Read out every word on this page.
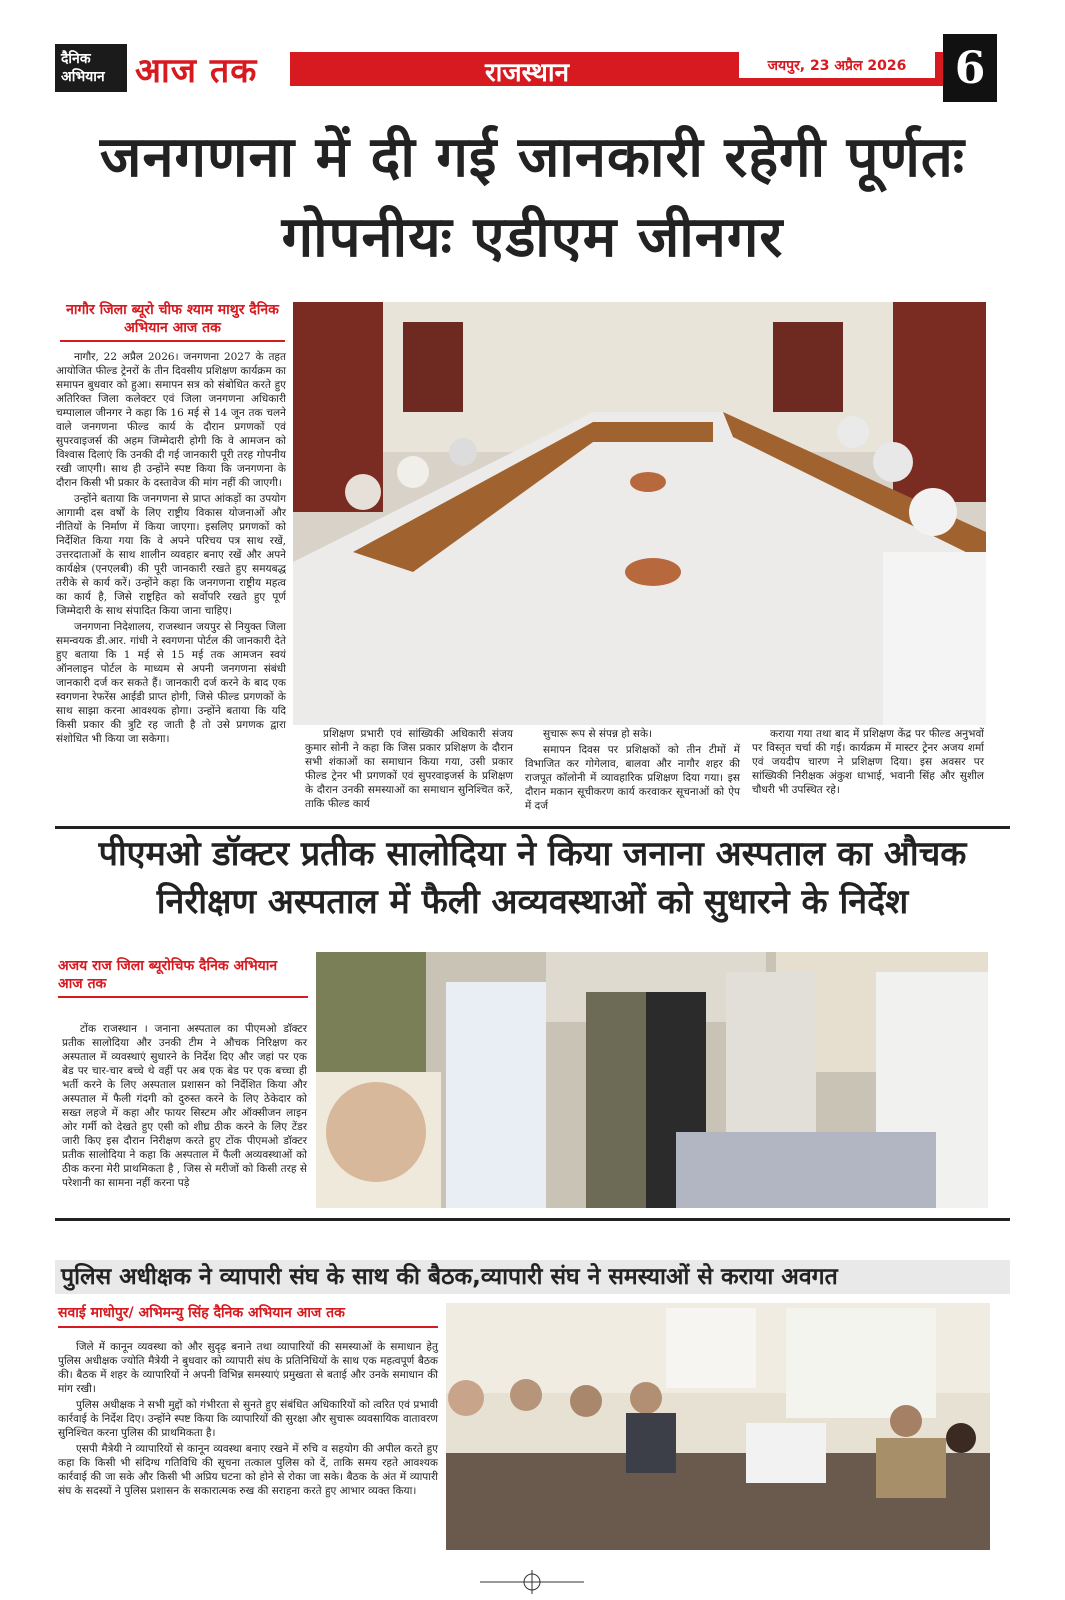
दैनिक
अभियान आज तक	राजस्थान	जयपुर, 23 अप्रैल 2026	6
जनगणना में दी गई जानकारी रहेगी पूर्णतः गोपनीयः एडीएम जीनगर
नागौर जिला ब्यूरो चीफ श्याम माथुर दैनिक अभियान आज तक

नागौर, 22 अप्रैल 2026। जनगणना 2027 के तहत आयोजित फील्ड ट्रेनरों के तीन दिवसीय प्रशिक्षण कार्यक्रम का समापन बुधवार को हुआ। समापन सत्र को संबोधित करते हुए अतिरिक्त जिला कलेक्टर एवं जिला जनगणना अधिकारी चम्पालाल जीनगर ने कहा कि 16 मई से 14 जून तक चलने वाले जनगणना फील्ड कार्य के दौरान प्रगणकों एवं सुपरवाइजर्स की अहम जिम्मेदारी होगी कि वे आमजन को विश्वास दिलाएं कि उनकी दी गई जानकारी पूरी तरह गोपनीय रखी जाएगी। साथ ही उन्होंने स्पष्ट किया कि जनगणना के दौरान किसी भी प्रकार के दस्तावेज की मांग नहीं की जाएगी।

उन्होंने बताया कि जनगणना से प्राप्त आंकड़ों का उपयोग आगामी दस वर्षों के लिए राष्ट्रीय विकास योजनाओं और नीतियों के निर्माण में किया जाएगा। इसलिए प्रगणकों को निर्देशित किया गया कि वे अपने परिचय पत्र साथ रखें, उत्तरदाताओं के साथ शालीन व्यवहार बनाए रखें और अपने कार्यक्षेत्र (एनएलबी) की पूरी जानकारी रखते हुए समयबद्ध तरीके से कार्य करें। उन्होंने कहा कि जनगणना राष्ट्रीय महत्व का कार्य है, जिसे राष्ट्रहित को सर्वोपरि रखते हुए पूर्ण जिम्मेदारी के साथ संपादित किया जाना चाहिए।

जनगणना निदेशालय, राजस्थान जयपुर से नियुक्त जिला समन्वयक डी.आर. गांधी ने स्वगणना पोर्टल की जानकारी देते हुए बताया कि 1 मई से 15 मई तक आमजन स्वयं ऑनलाइन पोर्टल के माध्यम से अपनी जनगणना संबंधी जानकारी दर्ज कर सकते हैं। जानकारी दर्ज करने के बाद एक स्वगणना रेफरेंस आईडी प्राप्त होगी, जिसे फील्ड प्रगणकों के साथ साझा करना आवश्यक होगा। उन्होंने बताया कि यदि किसी प्रकार की त्रुटि रह जाती है तो उसे प्रगणक द्वारा संशोधित भी किया जा सकेगा।	प्रशिक्षण प्रभारी एवं सांख्यिकी अधिकारी संजय कुमार सोनी ने कहा कि जिस प्रकार प्रशिक्षण के दौरान सभी शंकाओं का समाधान किया गया, उसी प्रकार फील्ड ट्रेनर भी प्रगणकों एवं सुपरवाइजर्स के प्रशिक्षण के दौरान उनकी समस्याओं का समाधान सुनिश्चित करें, ताकि फील्ड कार्य

सुचारू रूप से संपन्न हो सके।

समापन दिवस पर प्रशिक्षकों को तीन टीमों में विभाजित कर गोगेलाव, बालवा और नागौर शहर की राजपूत कॉलोनी में व्यावहारिक प्रशिक्षण दिया गया। इस दौरान मकान सूचीकरण कार्य करवाकर सूचनाओं को ऐप में दर्ज

कराया गया तथा बाद में प्रशिक्षण केंद्र पर फील्ड अनुभवों पर विस्तृत चर्चा की गई। कार्यक्रम में मास्टर ट्रेनर अजय शर्मा एवं जयदीप चारण ने प्रशिक्षण दिया। इस अवसर पर सांख्यिकी निरीक्षक अंकुश धाभाई, भवानी सिंह और सुशील चौधरी भी उपस्थित रहे।

पीएमओ डॉक्टर प्रतीक सालोदिया ने किया जनाना अस्पताल का औचक
निरीक्षण अस्पताल में फैली अव्यवस्थाओं को सुधारने के निर्देश
अजय राज जिला ब्यूरोचिफ दैनिक अभियान आज तक

टोंक राजस्थान । जनाना अस्पताल का पीएमओ डॉक्टर प्रतीक सालोदिया और उनकी टीम ने औचक निरिक्षण कर अस्पताल में व्यवस्थाएं सुधारने के निर्देश दिए और जहां पर एक बेड पर चार-चार बच्चे थे वहीं पर अब एक बेड पर एक बच्चा ही भर्ती करने के लिए अस्पताल प्रशासन को निर्देशित किया और अस्पताल में फैली गंदगी को दुरुस्त करने के लिए ठेकेदार को सख्त लहजे में कहा और फायर सिस्टम और ऑक्सीजन लाइन ओर गर्मी को देखते हुए एसी को शीघ्र ठीक करने के लिए टेंडर जारी किए इस दौरान निरीक्षण करते हुए टोंक पीएमओ डॉक्टर प्रतीक सालोदिया ने कहा कि अस्पताल में फैली अव्यवस्थाओं को ठीक करना मेरी प्राथमिकता है , जिस से मरीजों को किसी तरह से परेशानी का सामना नहीं करना पड़े

पुलिस अधीक्षक ने व्यापारी संघ के साथ की बैठक,व्यापारी संघ ने समस्याओं से कराया अवगत
सवाई माधोपुर/ अभिमन्यु सिंह दैनिक अभियान आज तक

जिले में कानून व्यवस्था को और सुदृढ़ बनाने तथा व्यापारियों की समस्याओं के समाधान हेतु पुलिस अधीक्षक ज्योति मैत्रेयी ने बुधवार को व्यापारी संघ के प्रतिनिधियों के साथ एक महत्वपूर्ण बैठक की। बैठक में शहर के व्यापारियों ने अपनी विभिन्न समस्याएं प्रमुखता से बताई और उनके समाधान की मांग रखी।

पुलिस अधीक्षक ने सभी मुद्दों को गंभीरता से सुनते हुए संबंधित अधिकारियों को त्वरित एवं प्रभावी कार्रवाई के निर्देश दिए। उन्होंने स्पष्ट किया कि व्यापारियों की सुरक्षा और सुचारू व्यवसायिक वातावरण सुनिश्चित करना पुलिस की प्राथमिकता है।

एसपी मैत्रेयी ने व्यापारियों से कानून व्यवस्था बनाए रखने में रुचि व सहयोग की अपील करते हुए कहा कि किसी भी संदिग्ध गतिविधि की सूचना तत्काल पुलिस को दें, ताकि समय रहते आवश्यक कार्रवाई की जा सके और किसी भी अप्रिय घटना को होने से रोका जा सके। बैठक के अंत में व्यापारी संघ के सदस्यों ने पुलिस प्रशासन के सकारात्मक रुख की सराहना करते हुए आभार व्यक्त किया।
